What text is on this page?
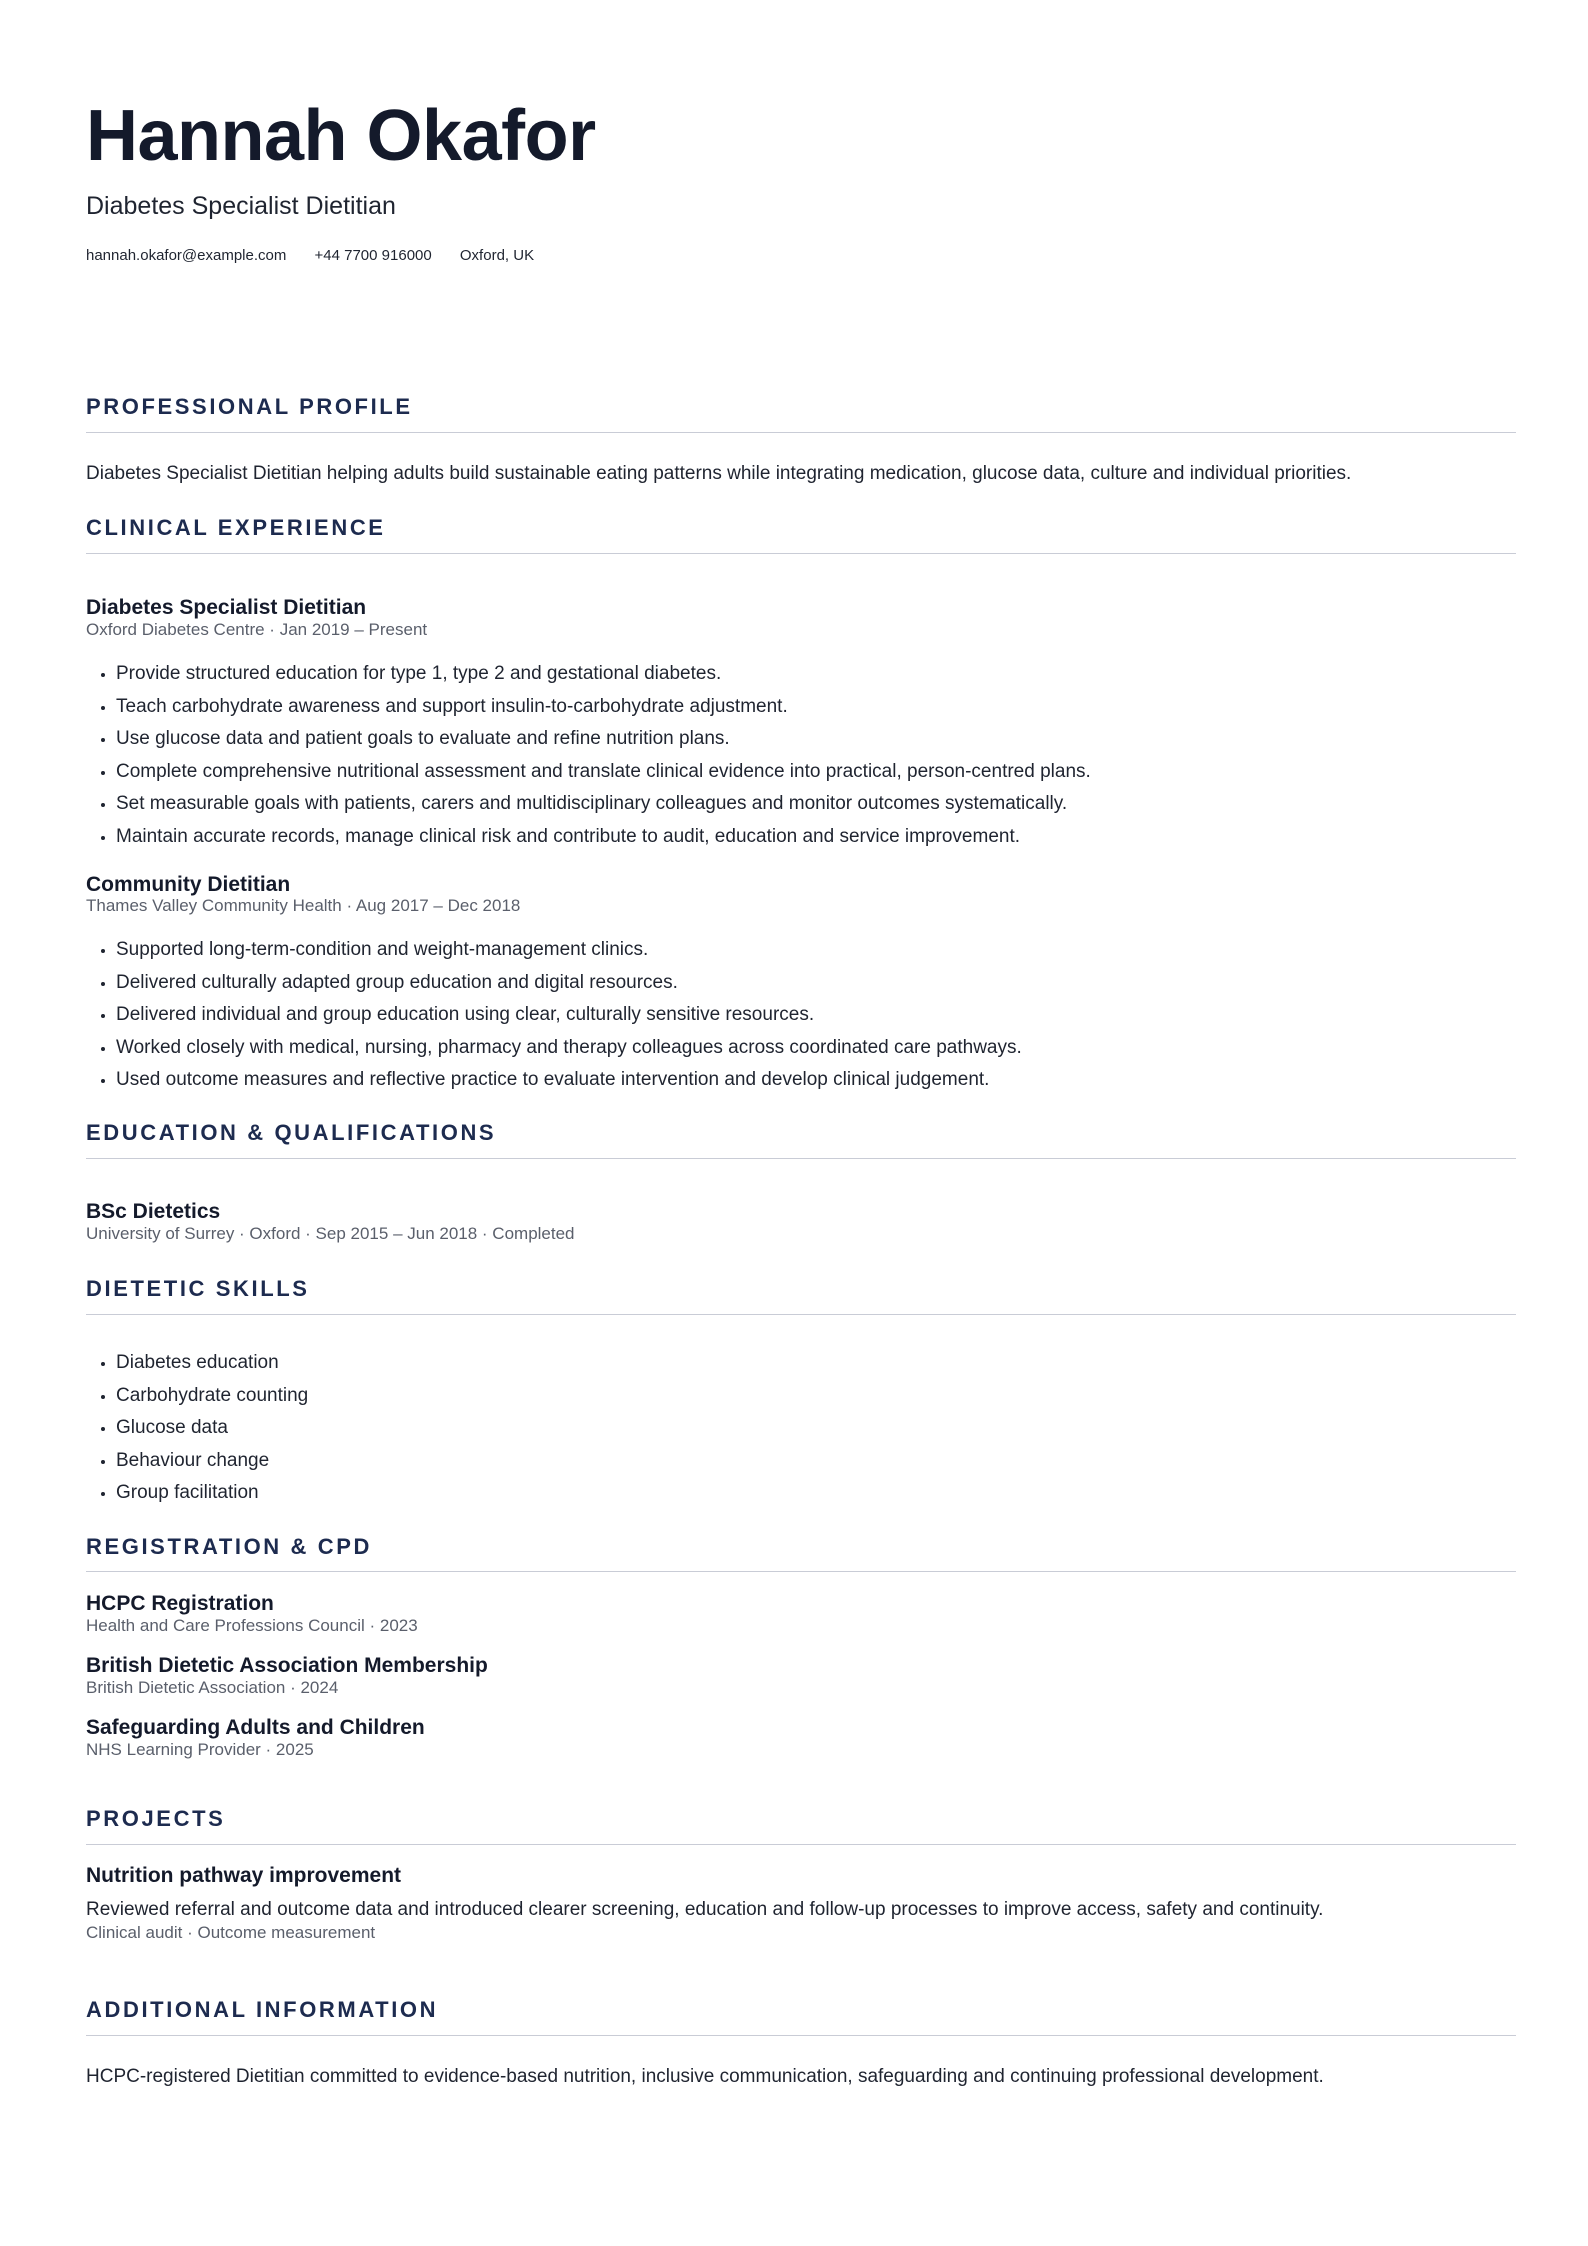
Hannah Okafor
Diabetes Specialist Dietitian
hannah.okafor@example.com +44 7700 916000 Oxford, UK
PROFESSIONAL PROFILE

Diabetes Specialist Dietitian helping adults build sustainable eating patterns while integrating medication, glucose data, culture and individual priorities.

CLINICAL EXPERIENCE
Diabetes Specialist Dietitian
Oxford Diabetes Centre · Jan 2019 – Present
• Provide structured education for type 1, type 2 and gestational diabetes.
• Teach carbohydrate awareness and support insulin-to-carbohydrate adjustment.
• Use glucose data and patient goals to evaluate and refine nutrition plans.
• Complete comprehensive nutritional assessment and translate clinical evidence into practical, person-centred plans.
• Set measurable goals with patients, carers and multidisciplinary colleagues and monitor outcomes systematically.
• Maintain accurate records, manage clinical risk and contribute to audit, education and service improvement.
Community Dietitian
Thames Valley Community Health · Aug 2017 – Dec 2018
• Supported long-term-condition and weight-management clinics.
• Delivered culturally adapted group education and digital resources.
• Delivered individual and group education using clear, culturally sensitive resources.
• Worked closely with medical, nursing, pharmacy and therapy colleagues across coordinated care pathways.
• Used outcome measures and reflective practice to evaluate intervention and develop clinical judgement.
EDUCATION & QUALIFICATIONS
BSc Dietetics
University of Surrey · Oxford · Sep 2015 – Jun 2018 · Completed
DIETETIC SKILLS
• Diabetes education
• Carbohydrate counting
• Glucose data
• Behaviour change
• Group facilitation
REGISTRATION & CPD
HCPC Registration
Health and Care Professions Council · 2023
British Dietetic Association Membership
British Dietetic Association · 2024
Safeguarding Adults and Children
NHS Learning Provider · 2025
PROJECTS
Nutrition pathway improvement

Reviewed referral and outcome data and introduced clearer screening, education and follow-up processes to improve access, safety and continuity.

Clinical audit · Outcome measurement
ADDITIONAL INFORMATION

HCPC-registered Dietitian committed to evidence-based nutrition, inclusive communication, safeguarding and continuing professional development.
